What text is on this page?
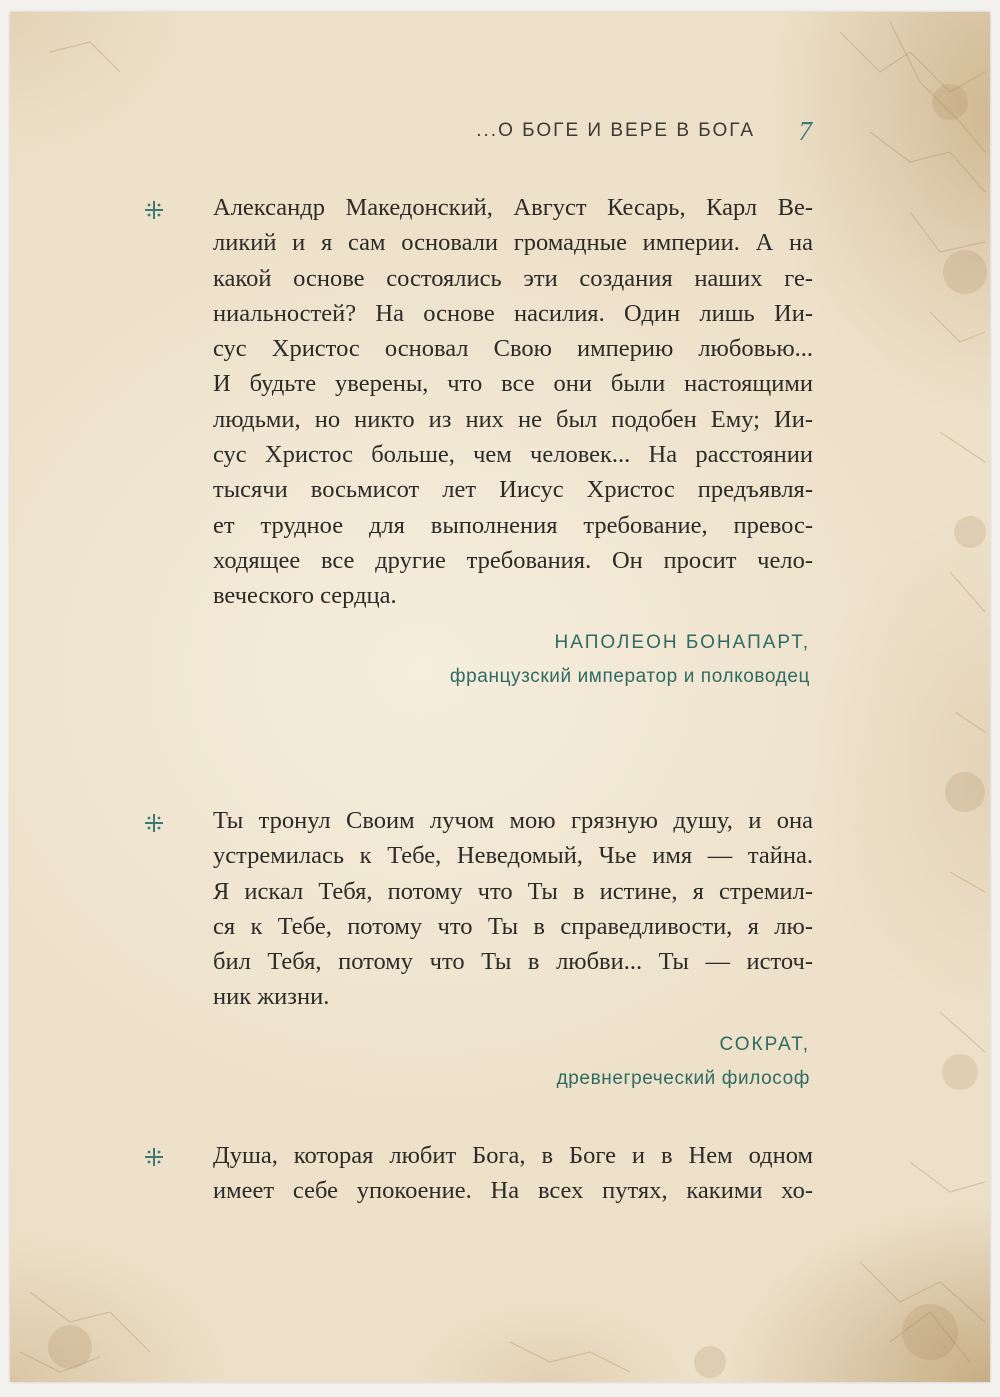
...О БОГЕ И ВЕРЕ В БОГА 7
Александр Македонский, Август Кесарь, Карл Ве-
ликий и я сам основали громадные империи. А на
какой основе состоялись эти создания наших ге-
ниальностей? На основе насилия. Один лишь Ии-
сус Христос основал Свою империю любовью...
И будьте уверены, что все они были настоящими
людьми, но никто из них не был подобен Ему; Ии-
сус Христос больше, чем человек... На расстоянии
тысячи восьмисот лет Иисус Христос предъявля-
ет трудное для выполнения требование, превос-
ходящее все другие требования. Он просит чело-
веческого сердца.
НАПОЛЕОН БОНАПАРТ,
французский император и полководец
Ты тронул Своим лучом мою грязную душу, и она
устремилась к Тебе, Неведомый, Чье имя — тайна.
Я искал Тебя, потому что Ты в истине, я стремил-
ся к Тебе, потому что Ты в справедливости, я лю-
бил Тебя, потому что Ты в любви... Ты — источ-
ник жизни.
СОКРАТ,
древнегреческий философ
Душа, которая любит Бога, в Боге и в Нем одном
имеет себе упокоение. На всех путях, какими хо-
